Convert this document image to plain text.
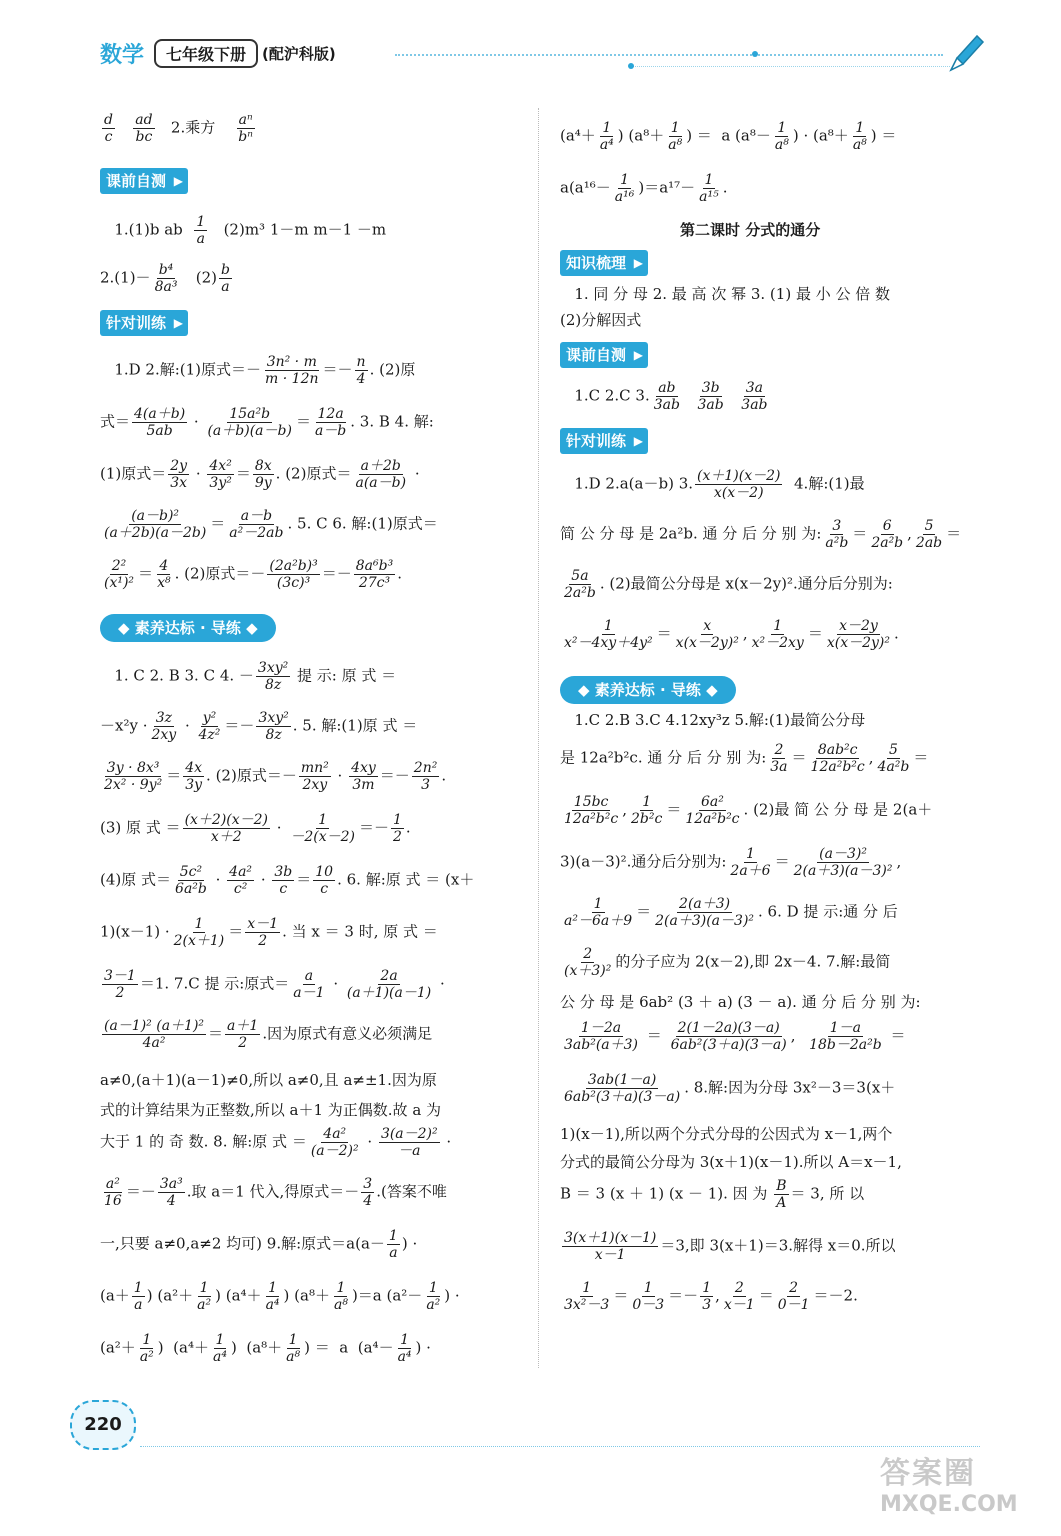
数学	七年级下册	(配沪科版)
$\frac{d}{c}$
$\frac{ad}{bc} 2$.乘方 $\frac{\text{aⁿ}}{\text{bⁿ}}$
课前自测 ▶
1.(1)b ab $\frac{1}{a} (2)m^3$ 1－m m－1 －m
$2.(1)- \frac{\text{b⁴}}{\text{8a³}} (2) \frac{b}{a}$
针对训练 ▶
1.D 2.解:(1)原式＝－ $\frac{\text{3n² · m}}{m \cdot 12n} =- \frac{n}{4}$ . (2)原
式＝ $\frac{4(a+b)}{5ab} \cdot \frac{\text{15a²b}}{(a+b)(a-b)} = \frac{12a}{a-b}$ . 3. B 4. 解:
(1)原式＝ $\frac{2y}{3x} \cdot \frac{\text{4x²}}{\text{3y²}} = \frac{8x}{9y}$ . (2)原式＝ $\frac{a+2b}{a(a-b)}$ ·
$\frac{\text{(a－b)²}}{(a+2b)(a-2b)} = \frac{a-b}{\text{a²－2ab}}$ . 5. C 6. 解:(1)原式＝
$\frac{\text{2²}}{\text{(x¹)²}} = \frac{4}{\text{x⁸}}$ . (2)原式＝－ $\frac{\text{(2a²b)³}}{\text{(3c)³}} =- \frac{\text{8a⁶b³}}{\text{27c³}}$ .
◆ 素养达标 · 导练 ◆
1. C 2. B 3. C 4. － $\frac{\text{3xy²}}{8z}$ 提 示: 原 式 ＝
$-x^2y \cdot \frac{3z}{2xy} \cdot \frac{\text{y²}}{\text{4z²}} =- \frac{\text{3xy²}}{8z}$ . 5. 解:(1)原 式 ＝
$\frac{\text{3y · 8x³}}{\text{2x² · 9y²}} = \frac{4x}{3y}$ . (2)原式＝－ $\frac{\text{mn²}}{2xy} \cdot \frac{4xy}{3m} =- \frac{\text{2n²}}{3}$ .
(3) 原 式 ＝ $\frac{(x+2)(x-2)}{x+2} \cdot \frac{1}{-2(x-2)} =- \frac{1}{2}$ .
(4)原 式＝ $\frac{\text{5c²}}{\text{6a²b}} \cdot \frac{\text{4a²}}{\text{c²}} \cdot \frac{3b}{c} = \frac{10}{c}$ . 6. 解:原 式 ＝ (x＋
$1)(x-1) \cdot \frac{1}{2(x+1)} = \frac{x-1}{2}$ . 当 x ＝ 3 时, 原 式 ＝
$\frac{3-1}{2} =1$. 7.C 提 示:原式＝ $\frac{a}{a-1} \cdot \frac{2a}{(a+1)(a-1)}$ ·
$\frac{\text{(a－1)² (a＋1)²}}{\text{4a²}} = \frac{a+1}{2}$ .因为原式有意义必须满足
a≠0,(a＋1)(a－1)≠0,所以 a≠0,且 a≠±1.因为原
式的计算结果为正整数,所以 a＋1 为正偶数.故 a 为
大于 1 的 奇 数. 8. 解:原 式 ＝ $\frac{\text{4a²}}{\text{(a－2)²}} \cdot \frac{\text{3(a－2)²}}{-a}$ ·
$\frac{\text{a²}}{16} =- \frac{\text{3a³}}{4}$ .取 a＝1 代入,得原式＝－ $\frac{3}{4}$ .(答案不唯
一,只要 a≠0,a≠2 均可) 9.解:原式$=a(a- \frac{1}{a}$ ) ·
($a+ \frac{1}{a}$ ) ($a^2+ \frac{1}{\text{a²}}$ ) ($a^4+ \frac{1}{\text{a⁴}}$ ) $(a^8+ \frac{1}{\text{a⁸}} )=a$ ($a^2- \frac{1}{\text{a²}}$ ) ·
($a^2+ \frac{1}{\text{a²}}$ )  ($a^4+ \frac{1}{\text{a⁴}}$ )  ($a^8+ \frac{1}{\text{a⁸}}$ ) ＝  a  ($a^4- \frac{1}{\text{a⁴}}$ ) ·
($a^4+ \frac{1}{\text{a⁴}}$ ) ($a^8+ \frac{1}{\text{a⁸}}$ ) ＝  a ($a^8- \frac{1}{\text{a⁸}}$ ) · ($a^8+ \frac{1}{\text{a⁸}}$ ) ＝
$a(a^{16}- \frac{1}{\text{a¹⁶}} )=a^{17}- \frac{1}{\text{a¹⁵}}$ .
第二课时 分式的通分
知识梳理 ▶
1. 同 分 母 2. 最 高 次 幂 3. (1) 最 小 公 倍 数
(2)分解因式
课前自测 ▶
1.C 2.C 3. $\frac{ab}{3ab}$
$\frac{3b}{3ab}$
$\frac{3a}{3ab}$
针对训练 ▶
1.D 2.a(a－b) 3. $\frac{(x+1)(x-2)}{x(x-2)} 4$.解:(1)最
简 公 分 母 是 2a²b. 通 分 后 分 别 为: $\frac{3}{\text{a²b}} = \frac{6}{\text{2a²b}}$ , $\frac{5}{2ab}$ ＝
$\frac{5a}{\text{2a²b}}$ . (2)最简公分母是 x(x－2y)².通分后分别为:
$\frac{1}{\text{x²－4xy＋4y²}} = \frac{x}{\text{x(x－2y)²}}$ , $\frac{1}{\text{x²－2xy}} = \frac{x-2y}{\text{x(x－2y)²}}$ .
◆ 素养达标 · 导练 ◆
1.C 2.B 3.C 4.12xy³z 5.解:(1)最简公分母
是 12a²b²c. 通 分 后 分 别 为: $\frac{2}{3a} = \frac{\text{8ab²c}}{\text{12a²b²c}}$ , $\frac{5}{\text{4a²b}}$ ＝
$\frac{15bc}{\text{12a²b²c}}$ , $\frac{1}{\text{2b²c}} = \frac{\text{6a²}}{\text{12a²b²c}}$ . (2)最 简 公 分 母 是 2(a＋
3)(a－3)².通分后分别为: $\frac{1}{2a+6} = \frac{\text{(a－3)²}}{\text{2(a＋3)(a－3)²}}$ ,
$\frac{1}{\text{a²－6a＋9}} = \frac{2(a+3)}{\text{2(a＋3)(a－3)²}}$ . 6. D 提 示:通 分 后
$\frac{2}{\text{(x＋3)²}}$ 的分子应为 2(x－2),即 2x－4. 7.解:最简
公 分 母 是 6ab² (3 ＋ a) (3 － a). 通 分 后 分 别 为:
$\frac{1-2a}{\text{3ab²(a＋3)}} = \frac{2(1-2a)(3-a)}{\text{6ab²(3＋a)(3－a)}}$ , $\frac{1-a}{\text{18b－2a²b}}$ ＝
$\frac{3ab(1-a)}{\text{6ab²(3＋a)(3－a)}}$ . 8.解:因为分母 3x²－3＝3(x＋
1)(x－1),所以两个分式分母的公因式为 x－1,两个
分式的最简公分母为 3(x＋1)(x－1).所以 A＝x－1,
B ＝ 3 (x ＋ 1) (x － 1). 因 为 $\frac{B}{A} = 3$, 所 以
$\frac{3(x+1)(x-1)}{x-1} =3$,即 3(x＋1)＝3.解得 x＝0.所以
$\frac{1}{\text{3x²－3}} = \frac{1}{0-3} =- \frac{1}{3}$ , $\frac{2}{x-1} = \frac{2}{0-1} =-2$.
220
答案圈
MXQE.COM
